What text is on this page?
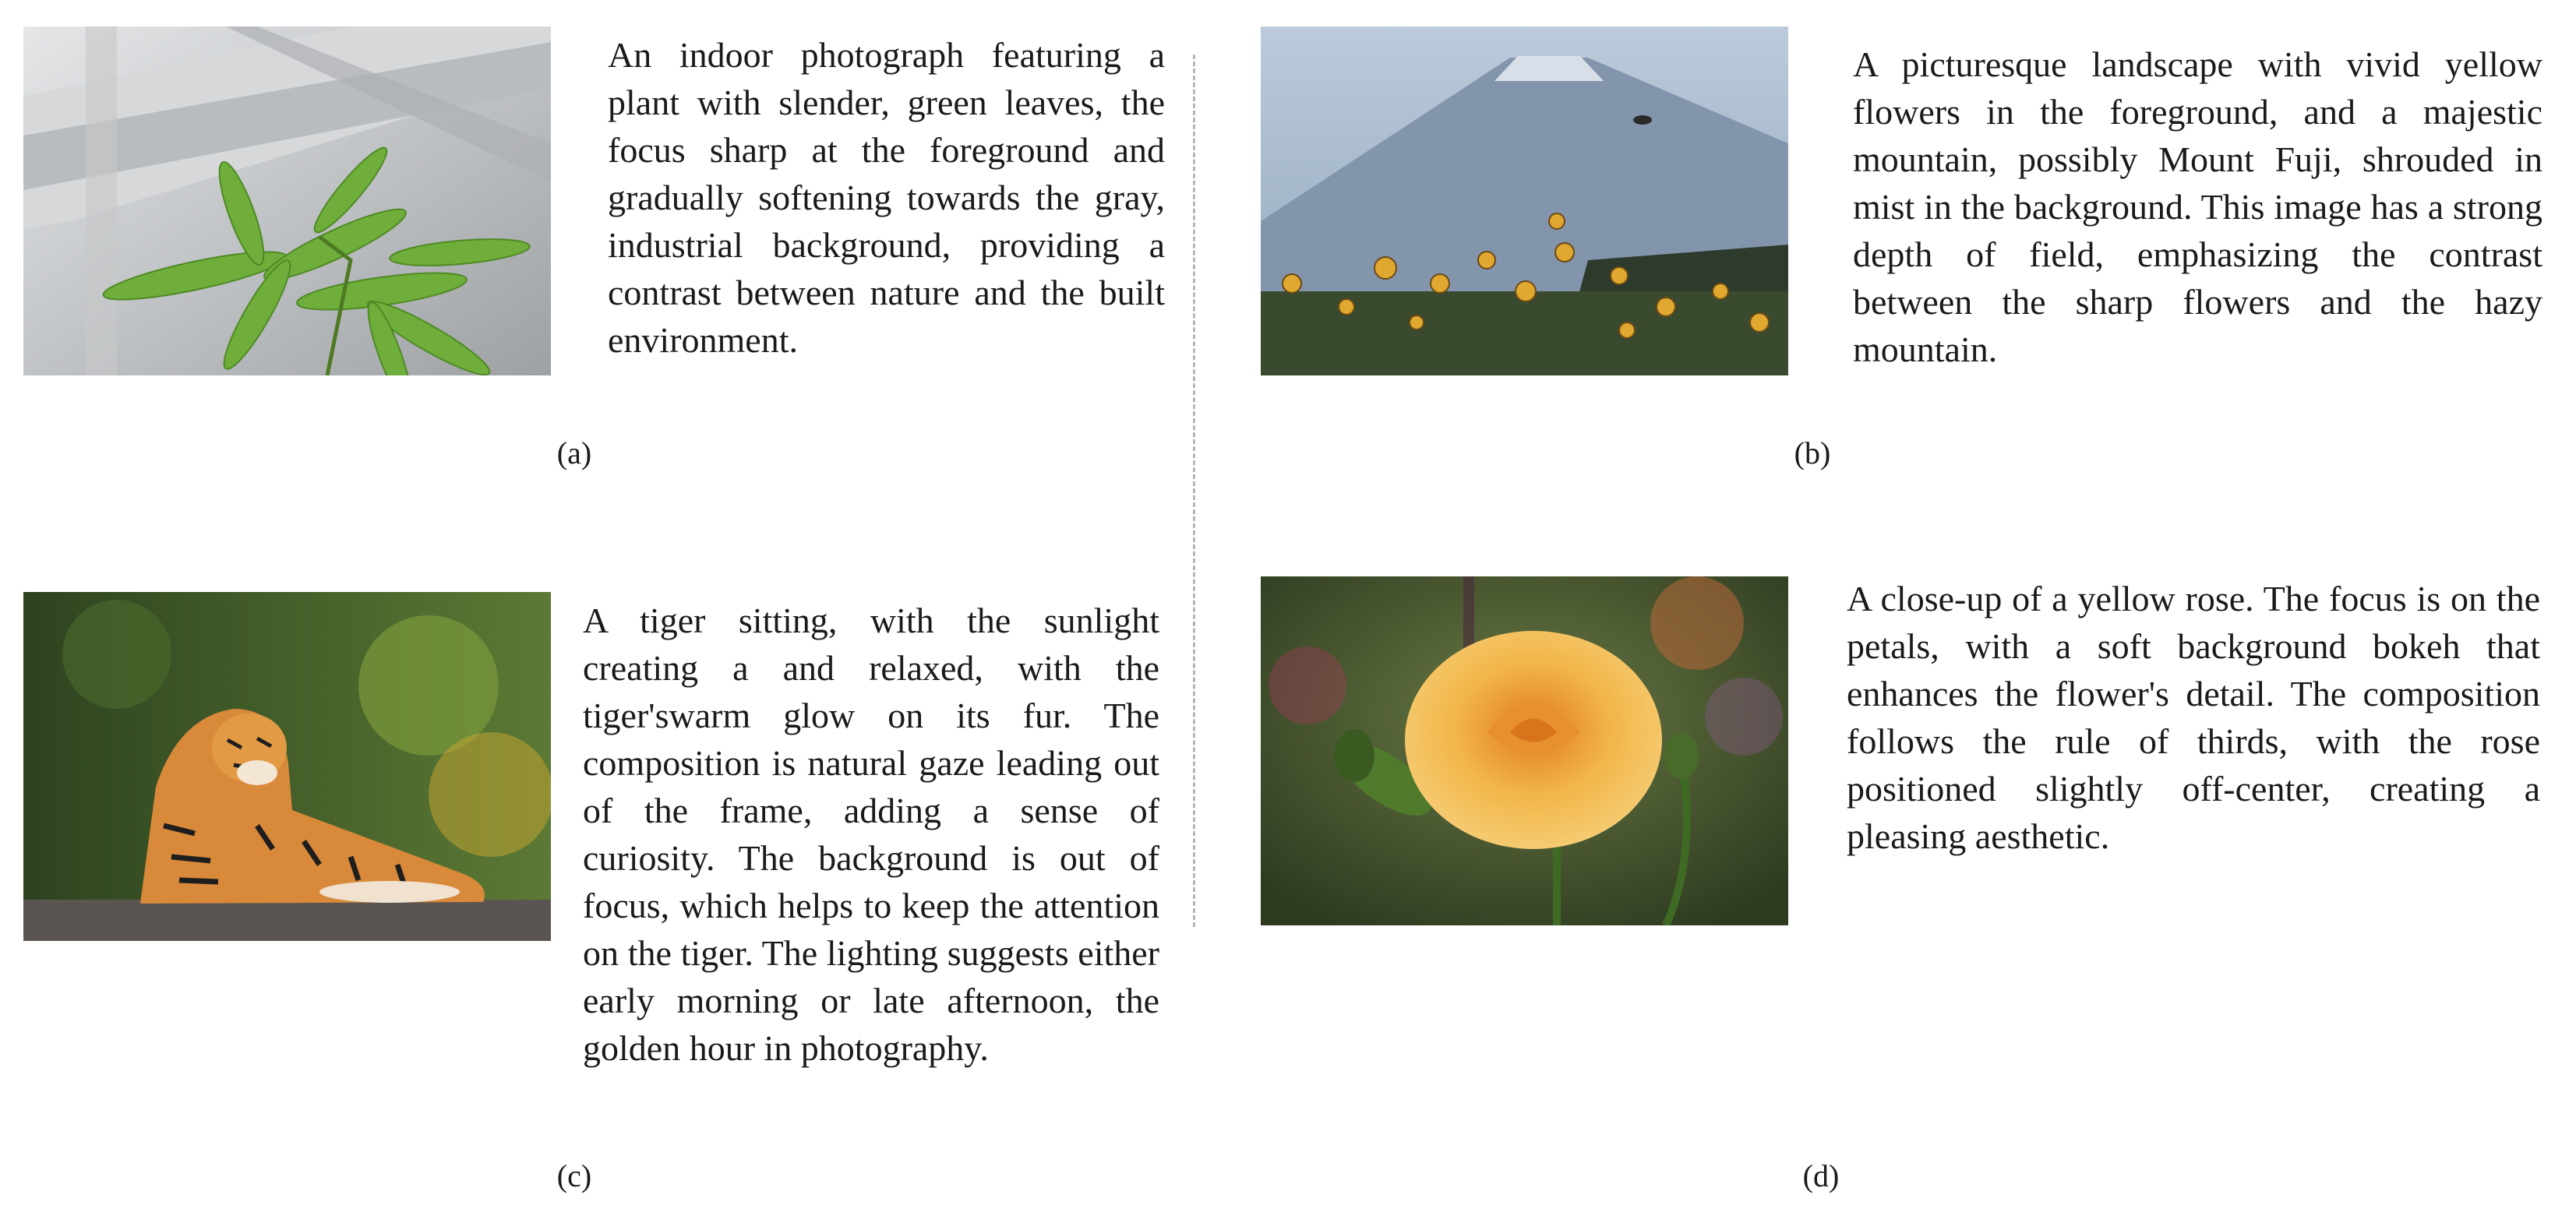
An indoor photograph featuring a plant with slender, green leaves, the focus sharp at the foreground and gradually softening towards the gray, industrial background, providing a contrast between nature and the built environment.

(a)

A picturesque landscape with vivid yellow flowers in the foreground, and a majestic mountain, possibly Mount Fuji, shrouded in mist in the background. This image has a strong depth of field, emphasizing the contrast between the sharp flowers and the hazy mountain.

(b)

A tiger sitting, with the sunlight creating a and relaxed, with the tiger'swarm glow on its fur. The composition is natural gaze leading out of the frame, adding a sense of curiosity. The background is out of focus, which helps to keep the attention on the tiger. The lighting suggests either early morning or late afternoon, the golden hour in photography.

(c)

A close-up of a yellow rose. The focus is on the petals, with a soft background bokeh that enhances the flower's detail. The composition follows the rule of thirds, with the rose positioned slightly off-center, creating a pleasing aesthetic.

(d)
